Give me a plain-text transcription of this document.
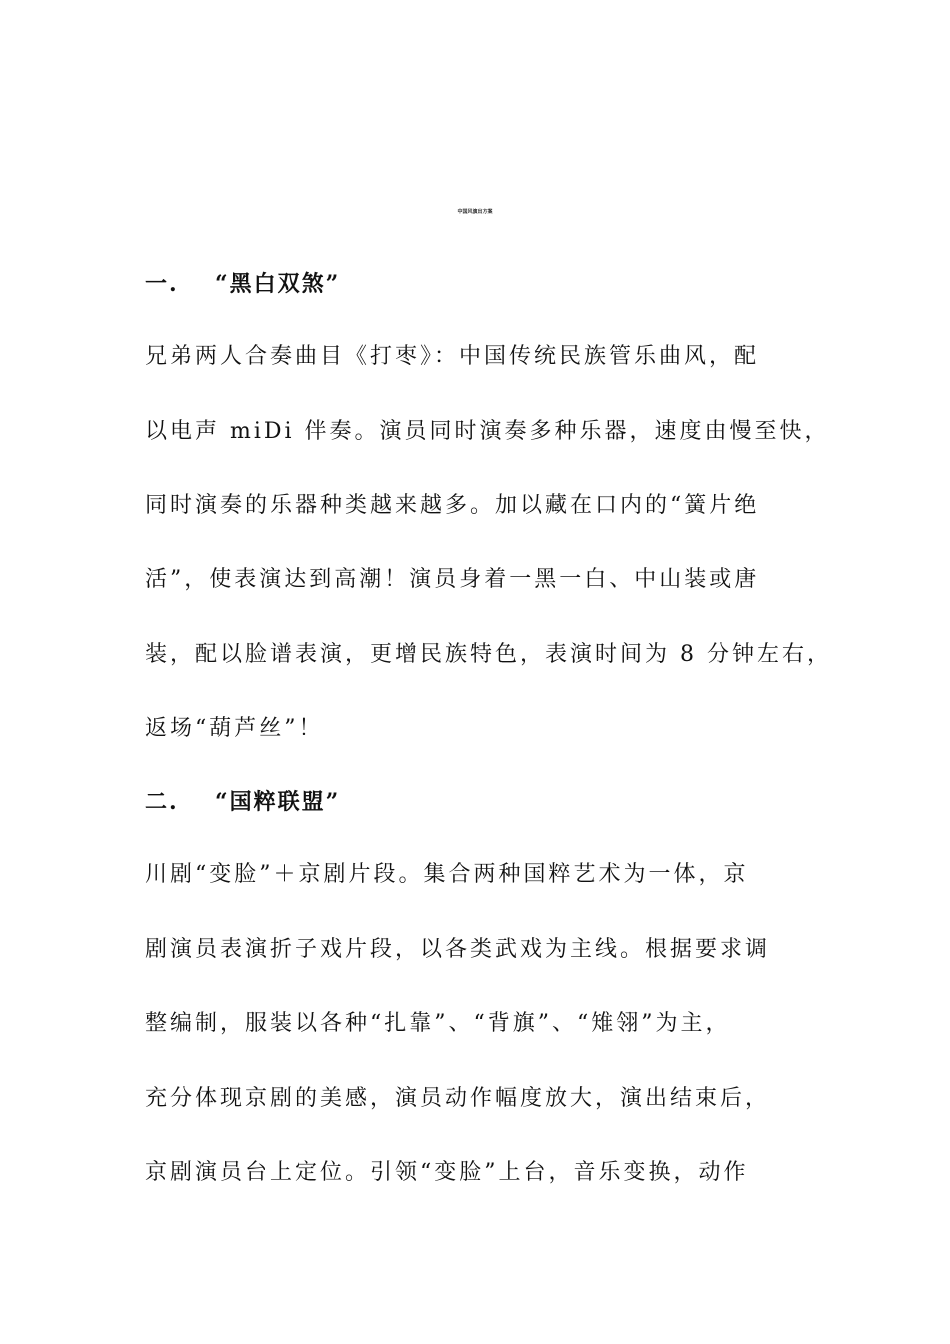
中国风演出方案
一. “黑白双煞”
兄弟两人合奏曲目《打枣》：中国传统民族管乐曲风，配
以电声 miDi 伴奏。演员同时演奏多种乐器，速度由慢至快，
同时演奏的乐器种类越来越多。加以藏在口内的“簧片绝
活”，使表演达到高潮！演员身着一黑一白、中山装或唐
装，配以脸谱表演，更增民族特色，表演时间为 8 分钟左右，
返场“葫芦丝”！
二. “国粹联盟”
川剧“变脸”＋京剧片段。集合两种国粹艺术为一体，京
剧演员表演折子戏片段，以各类武戏为主线。根据要求调
整编制，服装以各种“扎靠”、“背旗”、“雉翎”为主，
充分体现京剧的美感，演员动作幅度放大，演出结束后，
京剧演员台上定位。引领“变脸”上台，音乐变换，动作
